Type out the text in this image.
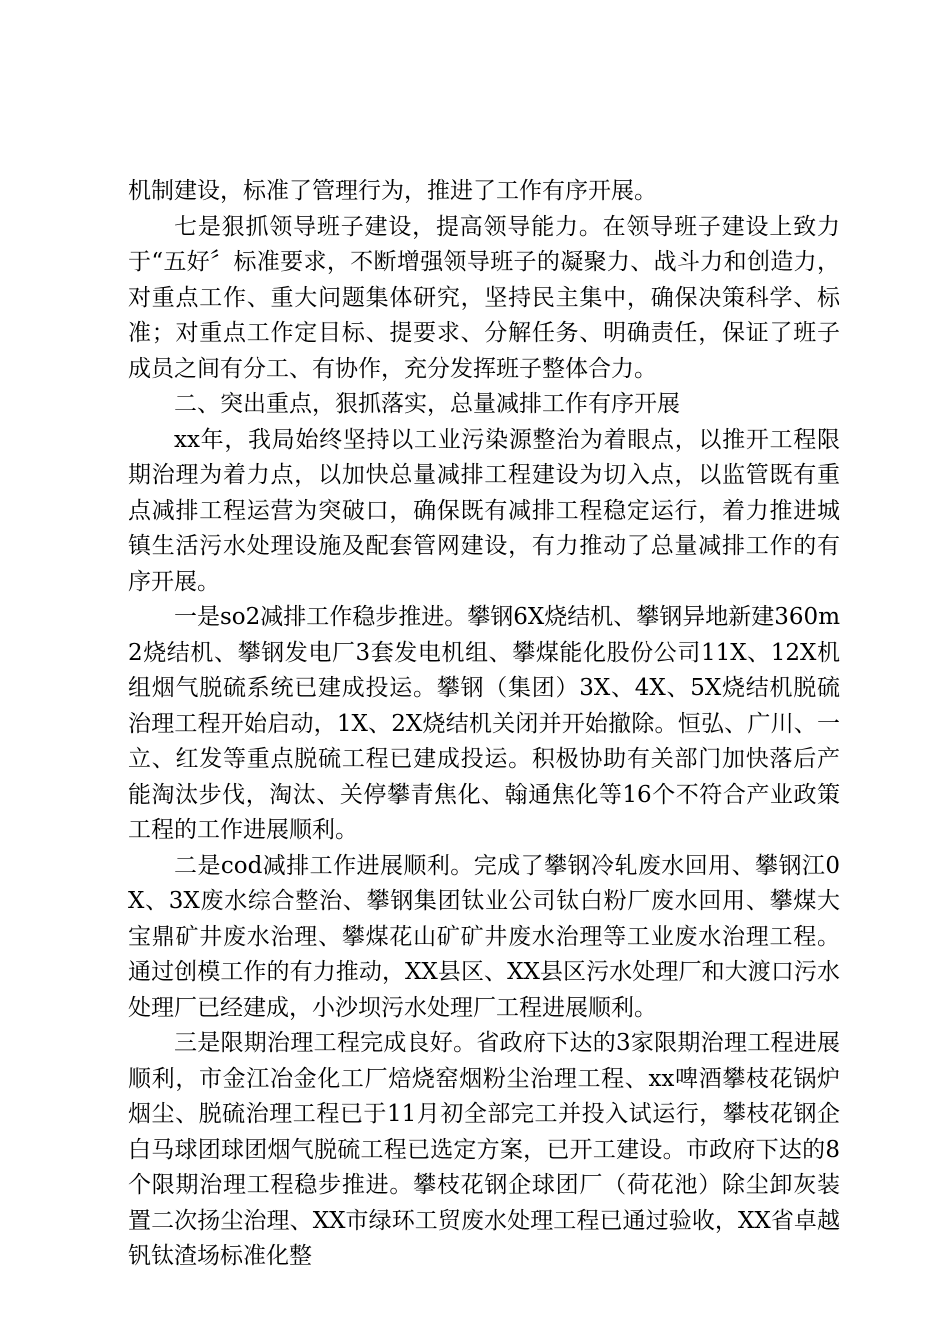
机制建设，标准了管理行为，推进了工作有序开展。

七是狠抓领导班子建设，提高领导能力。在领导班子建设上致力于“五好〞标准要求，不断增强领导班子的凝聚力、战斗力和创造力，对重点工作、重大问题集体研究，坚持民主集中，确保决策科学、标准；对重点工作定目标、提要求、分解任务、明确责任，保证了班子成员之间有分工、有协作，充分发挥班子整体合力。

二、突出重点，狠抓落实，总量减排工作有序开展

xx年，我局始终坚持以工业污染源整治为着眼点，以推开工程限期治理为着力点，以加快总量减排工程建设为切入点，以监管既有重点减排工程运营为突破口，确保既有减排工程稳定运行，着力推进城镇生活污水处理设施及配套管网建设，有力推动了总量减排工作的有序开展。

一是so2减排工作稳步推进。攀钢6X烧结机、攀钢异地新建360m2烧结机、攀钢发电厂3套发电机组、攀煤能化股份公司11X、12X机组烟气脱硫系统已建成投运。攀钢（集团）3X、4X、5X烧结机脱硫治理工程开始启动，1X、2X烧结机关闭并开始撤除。恒弘、广川、一立、红发等重点脱硫工程已建成投运。积极协助有关部门加快落后产能淘汰步伐，淘汰、关停攀青焦化、翰通焦化等16个不符合产业政策工程的工作进展顺利。

二是cod减排工作进展顺利。完成了攀钢冷轧废水回用、攀钢江0X、3X废水综合整治、攀钢集团钛业公司钛白粉厂废水回用、攀煤大宝鼎矿井废水治理、攀煤花山矿矿井废水治理等工业废水治理工程。通过创模工作的有力推动，XX县区、XX县区污水处理厂和大渡口污水处理厂已经建成，小沙坝污水处理厂工程进展顺利。

三是限期治理工程完成良好。省政府下达的3家限期治理工程进展顺利，市金江冶金化工厂焙烧窑烟粉尘治理工程、xx啤酒攀枝花锅炉烟尘、脱硫治理工程已于11月初全部完工并投入试运行，攀枝花钢企白马球团球团烟气脱硫工程已选定方案，已开工建设。市政府下达的8个限期治理工程稳步推进。攀枝花钢企球团厂（荷花池）除尘卸灰装置二次扬尘治理、XX市绿环工贸废水处理工程已通过验收，XX省卓越钒钛渣场标准化整
